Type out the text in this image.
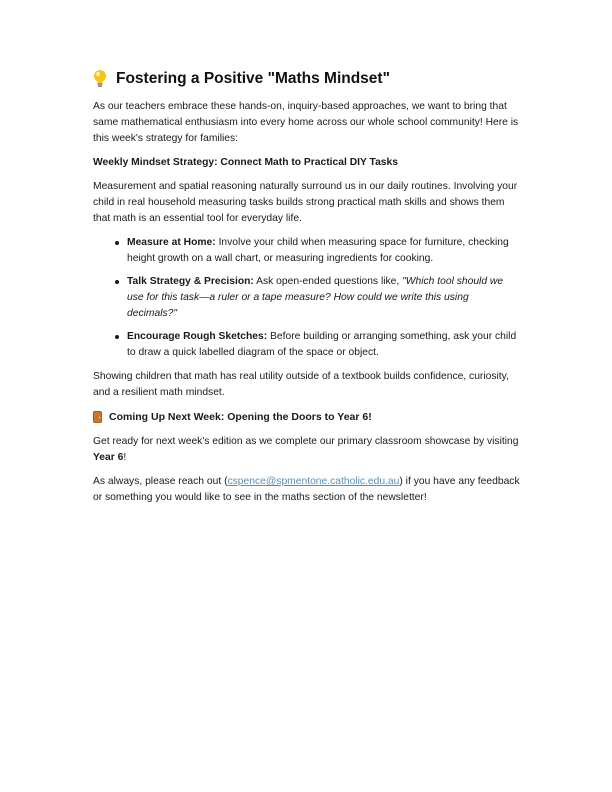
Fostering a Positive "Maths Mindset"

As our teachers embrace these hands-on, inquiry-based approaches, we want to bring that same mathematical enthusiasm into every home across our whole school community! Here is this week's strategy for families:

Weekly Mindset Strategy: Connect Math to Practical DIY Tasks

Measurement and spatial reasoning naturally surround us in our daily routines. Involving your child in real household measuring tasks builds strong practical math skills and shows them that math is an essential tool for everyday life.

Measure at Home: Involve your child when measuring space for furniture, checking height growth on a wall chart, or measuring ingredients for cooking.
Talk Strategy & Precision: Ask open-ended questions like, "Which tool should we use for this task—a ruler or a tape measure? How could we write this using decimals?"
Encourage Rough Sketches: Before building or arranging something, ask your child to draw a quick labelled diagram of the space or object.

Showing children that math has real utility outside of a textbook builds confidence, curiosity, and a resilient math mindset.

Coming Up Next Week: Opening the Doors to Year 6!

Get ready for next week's edition as we complete our primary classroom showcase by visiting Year 6!

As always, please reach out (cspence@spmentone.catholic.edu.au) if you have any feedback or something you would like to see in the maths section of the newsletter!
